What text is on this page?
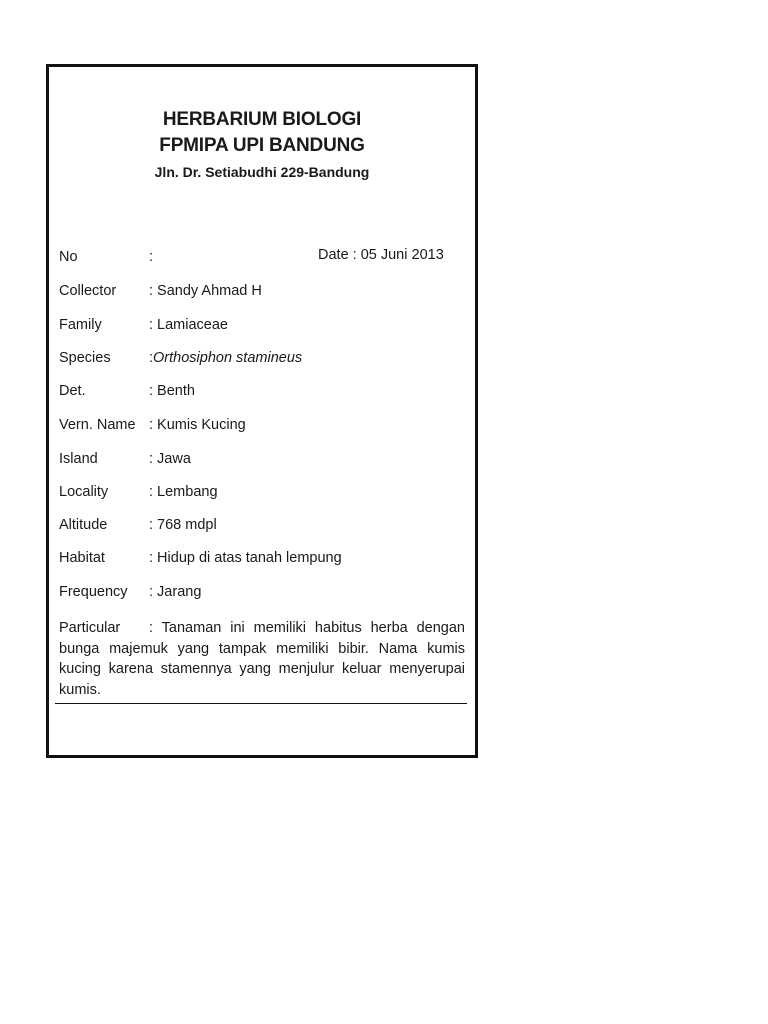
HERBARIUM BIOLOGI
FPMIPA UPI BANDUNG
Jln. Dr. Setiabudhi 229-Bandung
No	:	Date : 05 Juni 2013
Collector : Sandy Ahmad H
Family	: Lamiaceae
Species	:Orthosiphon stamineus
Det.	: Benth
Vern. Name : Kumis Kucing
Island	: Jawa
Locality	: Lembang
Altitude	: 768 mdpl
Habitat	: Hidup di atas tanah lempung
Frequency : Jarang
Particular : Tanaman ini memiliki habitus herba dengan bunga majemuk yang tampak memiliki bibir. Nama kumis kucing karena stamennya yang menjulur keluar menyerupai kumis.
